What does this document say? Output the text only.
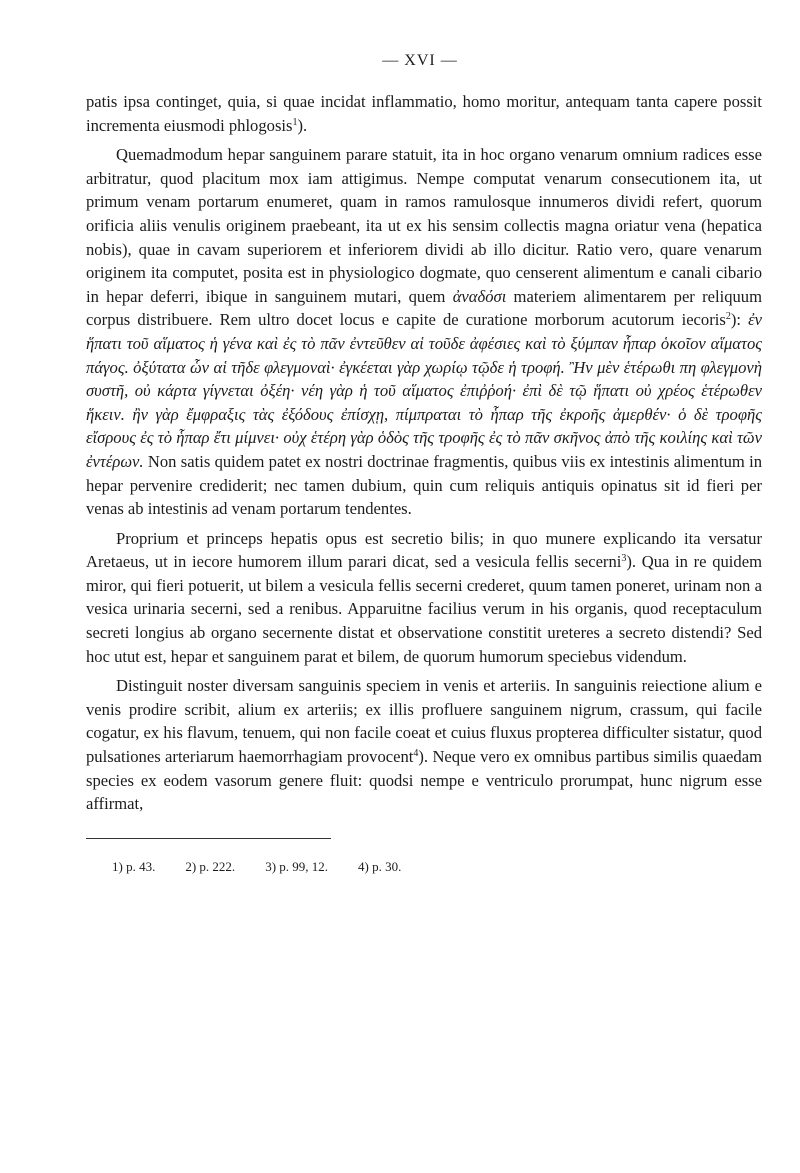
— XVI —

patis ipsa continget, quia, si quae incidat inflammatio, homo moritur, antequam tanta capere possit incrementa eiusmodi phlogosis$^1$).

Quemadmodum hepar sanguinem parare statuit, ita in hoc organo venarum omnium radices esse arbitratur, quod placitum mox iam attigimus. Nempe computat venarum consecutionem ita, ut primum venam portarum enumeret, quam in ramos ramulosque innumeros dividi refert, quorum orificia aliis venulis originem praebeant, ita ut ex his sensim collectis magna oriatur vena (hepatica nobis), quae in cavam superiorem et inferiorem dividi ab illo dicitur. Ratio vero, quare venarum originem ita computet, posita est in physiologico dogmate, quo censerent alimentum e canali cibario in hepar deferri, ibique in sanguinem mutari, quem ἀναδόσι materiem alimentarem per reliquum corpus distribuere. Rem ultro docet locus e capite de curatione morborum acutorum iecoris$^2$): ἐν ἥπατι τοῦ αἵματος ἡ γένα καὶ ἐς τὸ πᾶν ἐντεῦθεν αἱ τοῦδε ἀφέσιες καὶ τὸ ξύμπαν ἧπαρ ὁκοῖον αἵματος πάγος. ὀξύτατα ὧν αἱ τῆδε φλεγμοναὶ· ἐγκέεται γὰρ χωρίῳ τῷδε ἡ τροφή. Ἢν μὲν ἑτέρωθι πη φλεγμονὴ συστῆ, οὐ κάρτα γίγνεται ὀξέη· νέη γὰρ ἡ τοῦ αἵματος ἐπιῤῥοή· ἐπὶ δὲ τῷ ἥπατι οὐ χρέος ἑτέρωθεν ἥκειν. ἢν γὰρ ἔμφραξις τὰς ἐξόδους ἐπίσχῃ, πίμπραται τὸ ἧπαρ τῆς ἐκροῆς ἀμερθέν· ὁ δὲ τροφῆς εἴσρους ἐς τὸ ἧπαρ ἔτι μίμνει· οὐχ ἑτέρη γὰρ ὁδὸς τῆς τροφῆς ἐς τὸ πᾶν σκῆνος ἀπὸ τῆς κοιλίης καὶ τῶν ἐντέρων. Non satis quidem patet ex nostri doctrinae fragmentis, quibus viis ex intestinis alimentum in hepar pervenire crediderit; nec tamen dubium, quin cum reliquis antiquis opinatus sit id fieri per venas ab intestinis ad venam portarum tendentes.

Proprium et princeps hepatis opus est secretio bilis; in quo munere explicando ita versatur Aretaeus, ut in iecore humorem illum parari dicat, sed a vesicula fellis secerni$^3$). Qua in re quidem miror, qui fieri potuerit, ut bilem a vesicula fellis secerni crederet, quum tamen poneret, urinam non a vesica urinaria secerni, sed a renibus. Apparuitne facilius verum in his organis, quod receptaculum secreti longius ab organo secernente distat et observatione constitit ureteres a secreto distendi? Sed hoc utut est, hepar et sanguinem parat et bilem, de quorum humorum speciebus videndum.

Distinguit noster diversam sanguinis speciem in venis et arteriis. In sanguinis reiectione alium e venis prodire scribit, alium ex arteriis; ex illis profluere sanguinem nigrum, crassum, qui facile cogatur, ex his flavum, tenuem, qui non facile coeat et cuius fluxus propterea difficulter sistatur, quod pulsationes arteriarum haemorrhagiam provocent$^4$). Neque vero ex omnibus partibus similis quaedam species ex eodem vasorum genere fluit: quodsi nempe e ventriculo prorumpat, hunc nigrum esse affirmat,

1) p. 43. 2) p. 222. 3) p. 99, 12. 4) p. 30.
